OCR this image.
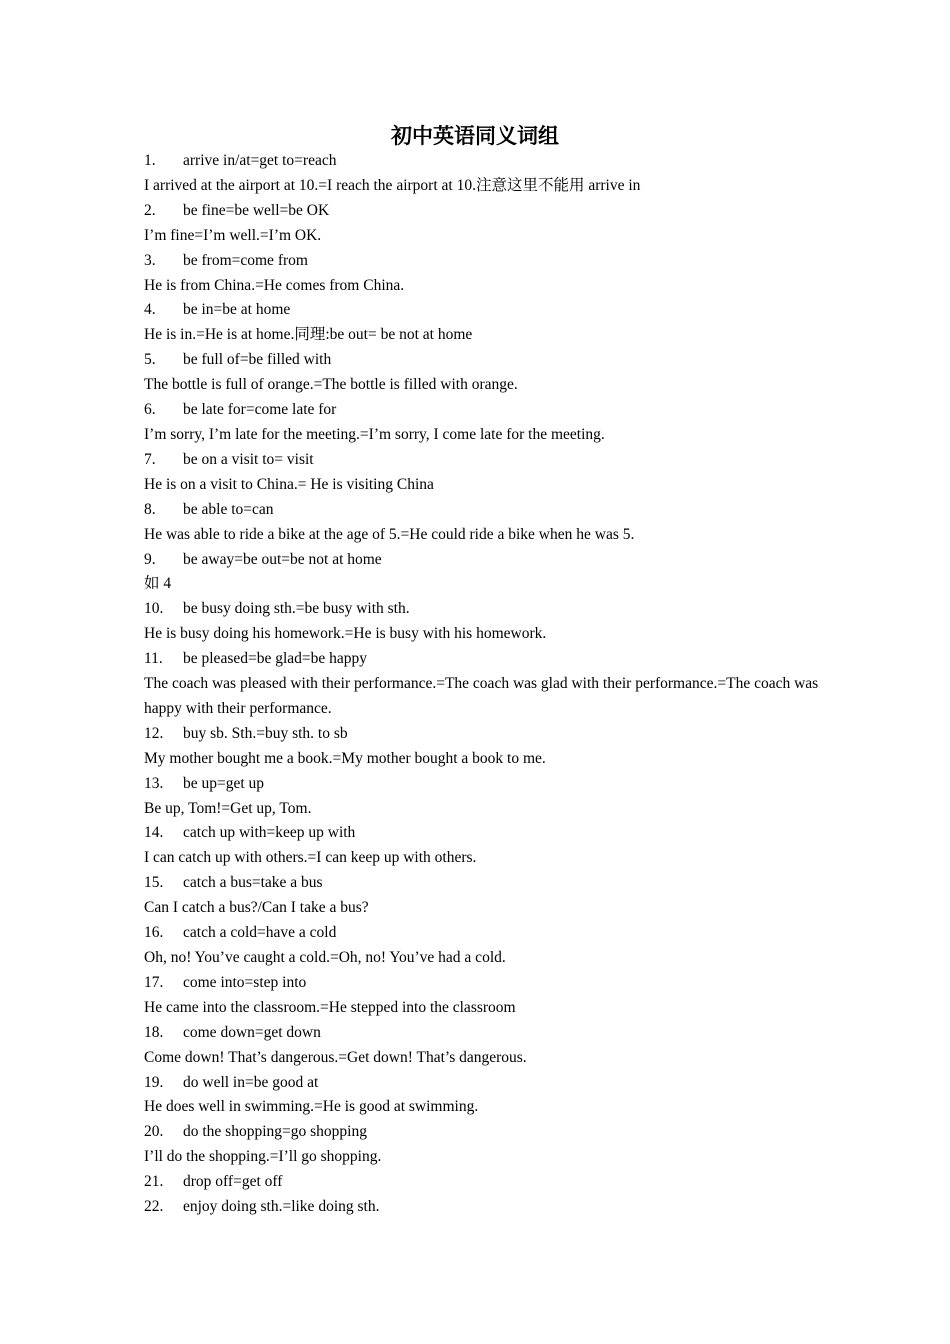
初中英语同义词组
1. arrive in/at=get to=reach
I arrived at the airport at 10.=I reach the airport at 10.注意这里不能用 arrive in
2. be fine=be well=be OK
I’m fine=I’m well.=I’m OK.
3. be from=come from
He is from China.=He comes from China.
4. be in=be at home
He is in.=He is at home.同理:be out= be not at home
5. be full of=be filled with
The bottle is full of orange.=The bottle is filled with orange.
6. be late for=come late for
I’m sorry, I’m late for the meeting.=I’m sorry, I come late for the meeting.
7. be on a visit to= visit
He is on a visit to China.= He is visiting China
8. be able to=can
He was able to ride a bike at the age of 5.=He could ride a bike when he was 5.
9. be away=be out=be not at home
如 4
10. be busy doing sth.=be busy with sth.
He is busy doing his homework.=He is busy with his homework.
11. be pleased=be glad=be happy
The coach was pleased with their performance.=The coach was glad with their performance.=The coach was happy with their performance.
12. buy sb. Sth.=buy sth. to sb
My mother bought me a book.=My mother bought a book to me.
13. be up=get up
Be up, Tom!=Get up, Tom.
14. catch up with=keep up with
I can catch up with others.=I can keep up with others.
15. catch a bus=take a bus
Can I catch a bus?/Can I take a bus?
16. catch a cold=have a cold
Oh, no! You’ve caught a cold.=Oh, no! You’ve had a cold.
17. come into=step into
He came into the classroom.=He stepped into the classroom
18. come down=get down
Come down! That’s dangerous.=Get down! That’s dangerous.
19. do well in=be good at
He does well in swimming.=He is good at swimming.
20. do the shopping=go shopping
I’ll do the shopping.=I’ll go shopping.
21. drop off=get off
22. enjoy doing sth.=like doing sth.
